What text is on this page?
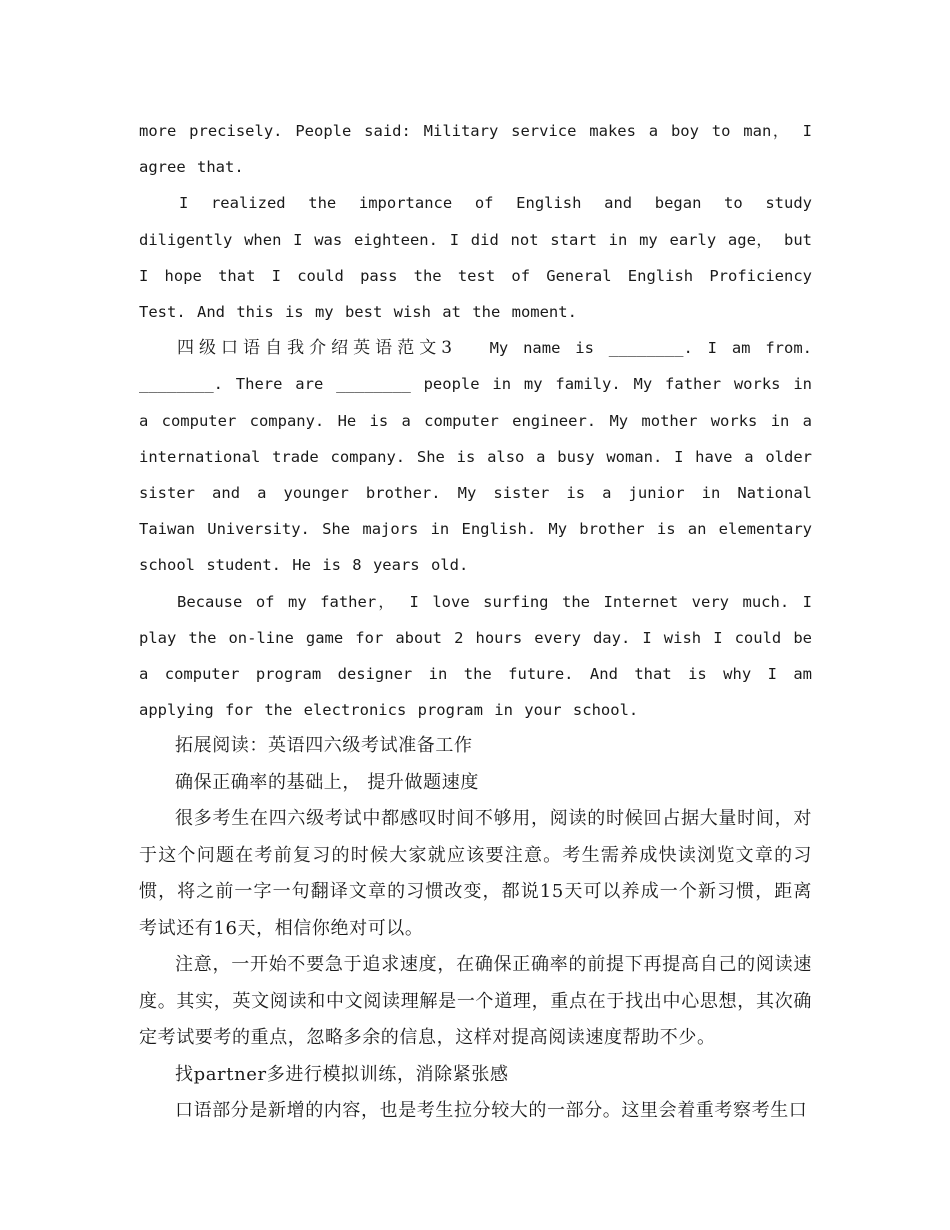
more precisely. People said: Military service makes a boy to man， I agree that.

I realized the importance of English and began to study diligently when I was eighteen. I did not start in my early age， but I hope that I could pass the test of General English Proficiency Test. And this is my best wish at the moment.

四级口语自我介绍英语范文3 My name is ________. I am from. ________. There are ________ people in my family. My father works in a computer company. He is a computer engineer. My mother works in a international trade company. She is also a busy woman. I have a older sister and a younger brother. My sister is a junior in National Taiwan University. She majors in English. My brother is an elementary school student. He is 8 years old.

Because of my father， I love surfing the Internet very much. I play the on-line game for about 2 hours every day. I wish I could be a computer program designer in the future. And that is why I am applying for the electronics program in your school.

拓展阅读：英语四六级考试准备工作

确保正确率的基础上， 提升做题速度

很多考生在四六级考试中都感叹时间不够用，阅读的时候回占据大量时间，对于这个问题在考前复习的时候大家就应该要注意。考生需养成快读浏览文章的习惯，将之前一字一句翻译文章的习惯改变，都说15天可以养成一个新习惯，距离考试还有16天，相信你绝对可以。

注意，一开始不要急于追求速度，在确保正确率的前提下再提高自己的阅读速度。其实，英文阅读和中文阅读理解是一个道理，重点在于找出中心思想，其次确定考试要考的重点，忽略多余的信息，这样对提高阅读速度帮助不少。

找partner多进行模拟训练，消除紧张感

口语部分是新增的内容，也是考生拉分较大的一部分。这里会着重考察考生口
